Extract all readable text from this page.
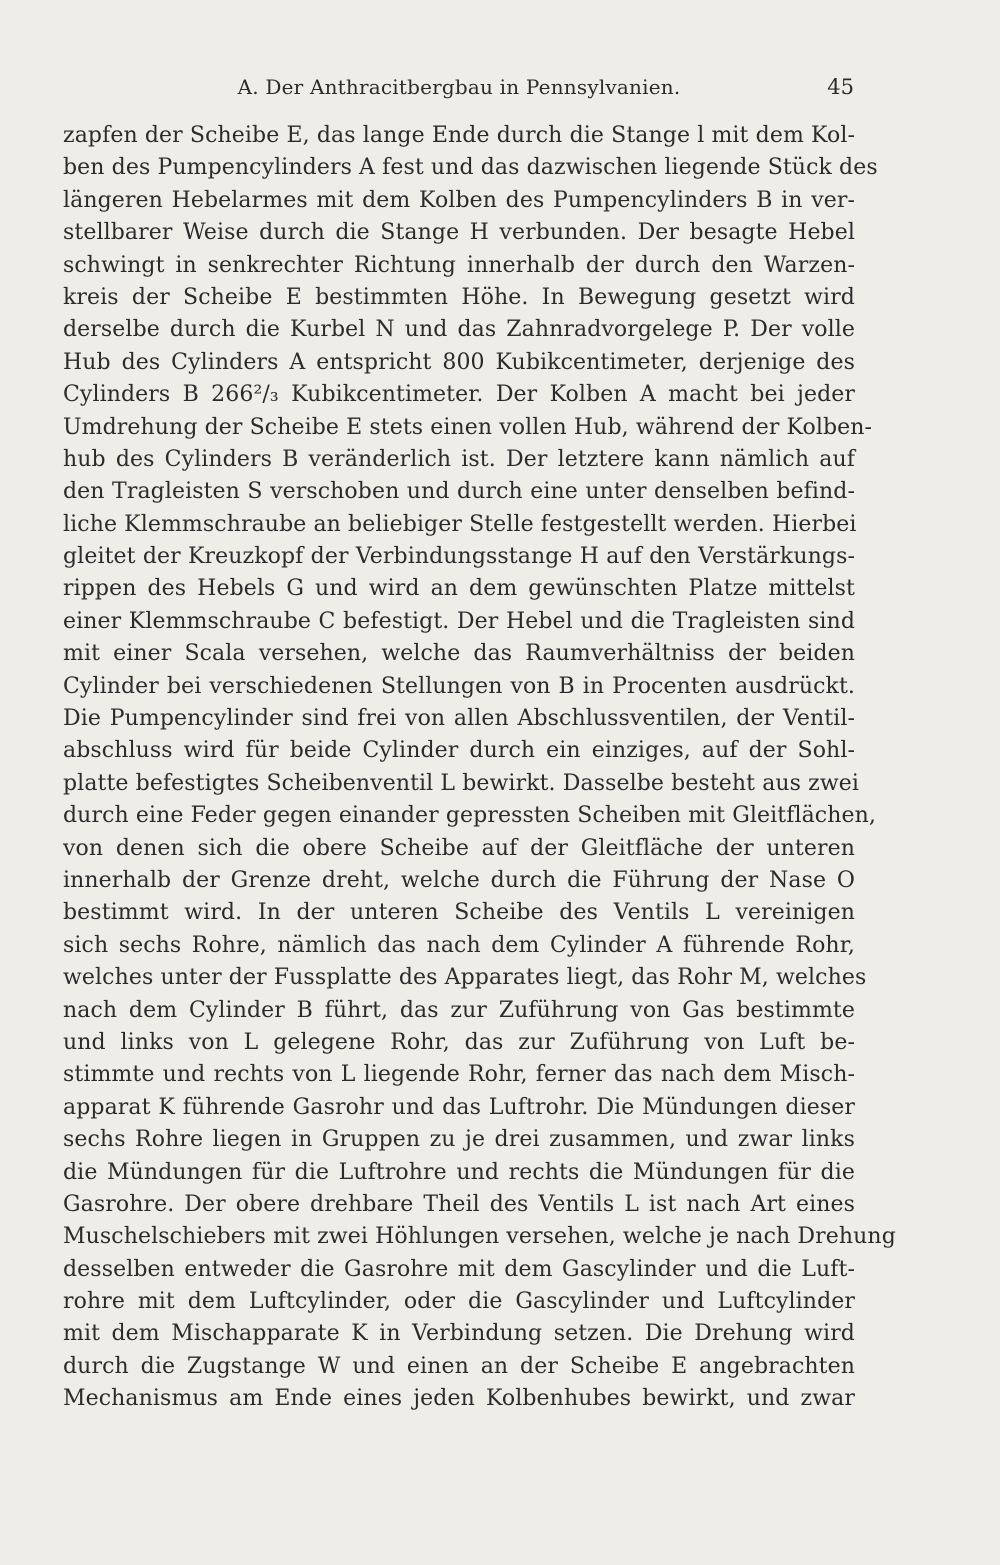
A. Der Anthracitbergbau in Pennsylvanien.	45
zapfen der Scheibe E, das lange Ende durch die Stange l mit dem Kol-
ben des Pumpencylinders A fest und das dazwischen liegende Stück des
längeren Hebelarmes mit dem Kolben des Pumpencylinders B in ver-
stellbarer Weise durch die Stange H verbunden. Der besagte Hebel
schwingt in senkrechter Richtung innerhalb der durch den Warzen-
kreis der Scheibe E bestimmten Höhe. In Bewegung gesetzt wird
derselbe durch die Kurbel N und das Zahnradvorgelege P. Der volle
Hub des Cylinders A entspricht 800 Kubikcentimeter, derjenige des
Cylinders B 266²/₃ Kubikcentimeter. Der Kolben A macht bei jeder
Umdrehung der Scheibe E stets einen vollen Hub, während der Kolben-
hub des Cylinders B veränderlich ist. Der letztere kann nämlich auf
den Tragleisten S verschoben und durch eine unter denselben befind-
liche Klemmschraube an beliebiger Stelle festgestellt werden. Hierbei
gleitet der Kreuzkopf der Verbindungsstange H auf den Verstärkungs-
rippen des Hebels G und wird an dem gewünschten Platze mittelst
einer Klemmschraube C befestigt. Der Hebel und die Tragleisten sind
mit einer Scala versehen, welche das Raumverhältniss der beiden
Cylinder bei verschiedenen Stellungen von B in Procenten ausdrückt.
Die Pumpencylinder sind frei von allen Abschlussventilen, der Ventil-
abschluss wird für beide Cylinder durch ein einziges, auf der Sohl-
platte befestigtes Scheibenventil L bewirkt. Dasselbe besteht aus zwei
durch eine Feder gegen einander gepressten Scheiben mit Gleitflächen,
von denen sich die obere Scheibe auf der Gleitfläche der unteren
innerhalb der Grenze dreht, welche durch die Führung der Nase O
bestimmt wird. In der unteren Scheibe des Ventils L vereinigen
sich sechs Rohre, nämlich das nach dem Cylinder A führende Rohr,
welches unter der Fussplatte des Apparates liegt, das Rohr M, welches
nach dem Cylinder B führt, das zur Zuführung von Gas bestimmte
und links von L gelegene Rohr, das zur Zuführung von Luft be-
stimmte und rechts von L liegende Rohr, ferner das nach dem Misch-
apparat K führende Gasrohr und das Luftrohr. Die Mündungen dieser
sechs Rohre liegen in Gruppen zu je drei zusammen, und zwar links
die Mündungen für die Luftrohre und rechts die Mündungen für die
Gasrohre. Der obere drehbare Theil des Ventils L ist nach Art eines
Muschelschiebers mit zwei Höhlungen versehen, welche je nach Drehung
desselben entweder die Gasrohre mit dem Gascylinder und die Luft-
rohre mit dem Luftcylinder, oder die Gascylinder und Luftcylinder
mit dem Mischapparate K in Verbindung setzen. Die Drehung wird
durch die Zugstange W und einen an der Scheibe E angebrachten
Mechanismus am Ende eines jeden Kolbenhubes bewirkt, und zwar
